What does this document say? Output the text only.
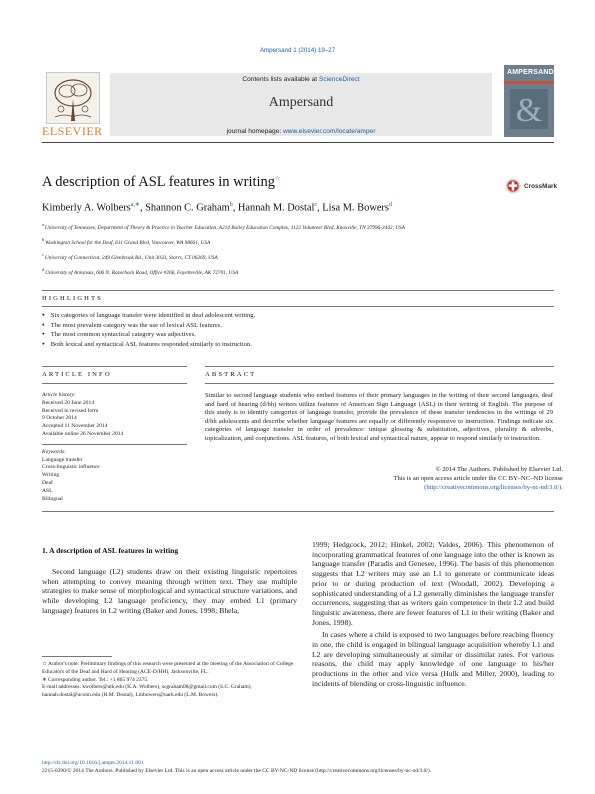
Ampersand 1 (2014) 19–27
ELSEVIER
Contents lists available at ScienceDirect
Ampersand
journal homepage: www.elsevier.com/locate/amper
AMPERSAND
&
A description of ASL features in writing☆
CrossMark
Kimberly A. Wolbers$^{a,∗}$, Shannon C. Graham$^b$, Hannah M. Dostal$^c$, Lisa M. Bowers$^d$
$^a$University of Tennessee, Department of Theory & Practice in Teacher Education, A214 Bailey Education Complex, 1122 Volunteer Blvd, Knoxville, TN 37996-3442, USA
$^b$Washington School for the Deaf, 611 Grand Blvd, Vancouver, WA 98661, USA
$^c$University of Connecticut, 249 Glenbrook Rd., Unit 3033, Storrs, CT 06269, USA
$^d$University of Arkansas, 606 N. Razorback Road, Office #266, Fayetteville, AK 72701, USA
HIGHLIGHTS
● Six categories of language transfer were identified in deaf adolescent writing.
● The most prevalent category was the use of lexical ASL features.
● The most common syntactical category was adjectives.
● Both lexical and syntactical ASL features responded similarly to instruction.
ARTICLE INFO	ABSTRACT
Article history:
Received 20 June 2014
Received in revised form
9 October 2014
Accepted 11 November 2014
Available online 26 November 2014
Keywords:
Language transfer
Cross-linguistic influence
Writing
Deaf
ASL
Bilingual
Similar to second language students who embed features of their primary languages in the writing of their second languages, deaf and hard of hearing (d/hh) writers utilize features of American Sign Language (ASL) in their writing of English. The purpose of this study is to identify categories of language transfer, provide the prevalence of these transfer tendencies in the writings of 29 d/hh adolescents and describe whether language features are equally or differently responsive to instruction. Findings indicate six categories of language transfer in order of prevalence: unique glossing & substitution, adjectives, plurality & adverbs, topicalization, and conjunctions. ASL features, of both lexical and syntactical nature, appear to respond similarly to instruction.
© 2014 The Authors. Published by Elsevier Ltd.
This is an open access article under the CC BY–NC–ND license
(http://creativecommons.org/licenses/by-nc-nd/3.0/).
1. A description of ASL features in writing

Second language (L2) students draw on their existing linguistic repertoires when attempting to convey meaning through written text. They use multiple strategies to make sense of morphological and syntactical structure variations, and while developing L2 language proficiency, they may embed L1 (primary language) features in L2 writing (Baker and Jones, 1998; Bhela,

1999; Hedgcock, 2012; Hinkel, 2002; Valdes, 2006). This phenomenon of incorporating grammatical features of one language into the other is known as language transfer (Paradis and Genesee, 1996). The basis of this phenomenon suggests that L2 writers may use an L1 to generate or communicate ideas prior to or during production of text (Woodall, 2002). Developing a sophisticated understanding of a L2 generally diminishes the language transfer occurrences, suggesting that as writers gain competence in their L2 and build linguistic awareness, there are fewer features of L1 in their writing (Baker and Jones, 1998).

In cases where a child is exposed to two languages before reaching fluency in one, the child is engaged in bilingual language acquisition whereby L1 and L2 are developing simultaneously at similar or dissimilar rates. For various reasons, the child may apply knowledge of one language to his/her productions in the other and vice versa (Hulk and Miller, 2000), leading to incidents of blending or cross-linguistic influence.

☆ Author's note: Preliminary findings of this research were presented at the meeting of the Association of College Educators of the Deaf and Hard of Hearing (ACE-D/HH), Jacksonville, FL.
∗ Corresponding author. Tel.: +1 865 974 2375.
E-mail addresses: kwolbers@utk.edu (K.A. Wolbers), scgraham08@gmail.com (S.C. Graham), hannah.dostal@uconn.edu (H.M. Dostal), Lmbowers@uark.edu (L.M. Bowers).
http://dx.doi.org/10.1016/j.amper.2014.11.001
2215-0390/© 2014 The Authors. Published by Elsevier Ltd. This is an open access article under the CC BY-NC-ND license (http://creativecommons.org/licenses/by-nc-nd/3.0/).
